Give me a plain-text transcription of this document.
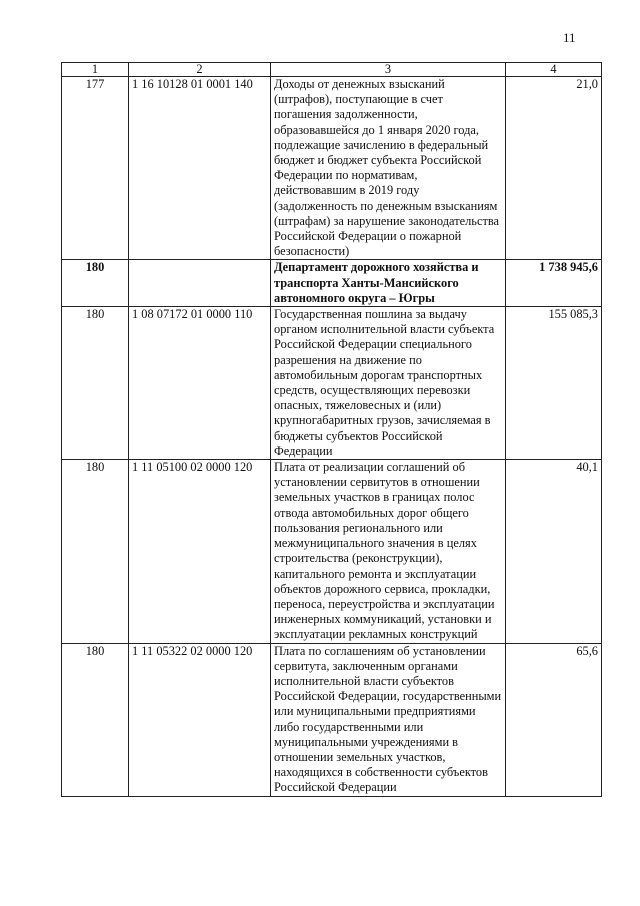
11
1	2	3	4
177	1 16 10128 01 0001 140	Доходы от денежных взысканий (штрафов), поступающие в счет погашения задолженности, образовавшейся до 1 января 2020 года, подлежащие зачислению в федеральный бюджет и бюджет субъекта Российской Федерации по нормативам, действовавшим в 2019 году (задолженность по денежным взысканиям (штрафам) за нарушение законодательства Российской Федерации о пожарной безопасности)	21,0
180		Департамент дорожного хозяйства и транспорта Ханты-Мансийского автономного округа – Югры	1 738 945,6
180	1 08 07172 01 0000 110	Государственная пошлина за выдачу органом исполнительной власти субъекта Российской Федерации специального разрешения на движение по автомобильным дорогам транспортных средств, осуществляющих перевозки опасных, тяжеловесных и (или) крупногабаритных грузов, зачисляемая в бюджеты субъектов Российской Федерации	155 085,3
180	1 11 05100 02 0000 120	Плата от реализации соглашений об установлении сервитутов в отношении земельных участков в границах полос отвода автомобильных дорог общего пользования регионального или межмуниципального значения в целях строительства (реконструкции), капитального ремонта и эксплуатации объектов дорожного сервиса, прокладки, переноса, переустройства и эксплуатации инженерных коммуникаций, установки и эксплуатации рекламных конструкций	40,1
180	1 11 05322 02 0000 120	Плата по соглашениям об установлении сервитута, заключенным органами исполнительной власти субъектов Российской Федерации, государственными или муниципальными предприятиями либо государственными или муниципальными учреждениями в отношении земельных участков, находящихся в собственности субъектов Российской Федерации	65,6
